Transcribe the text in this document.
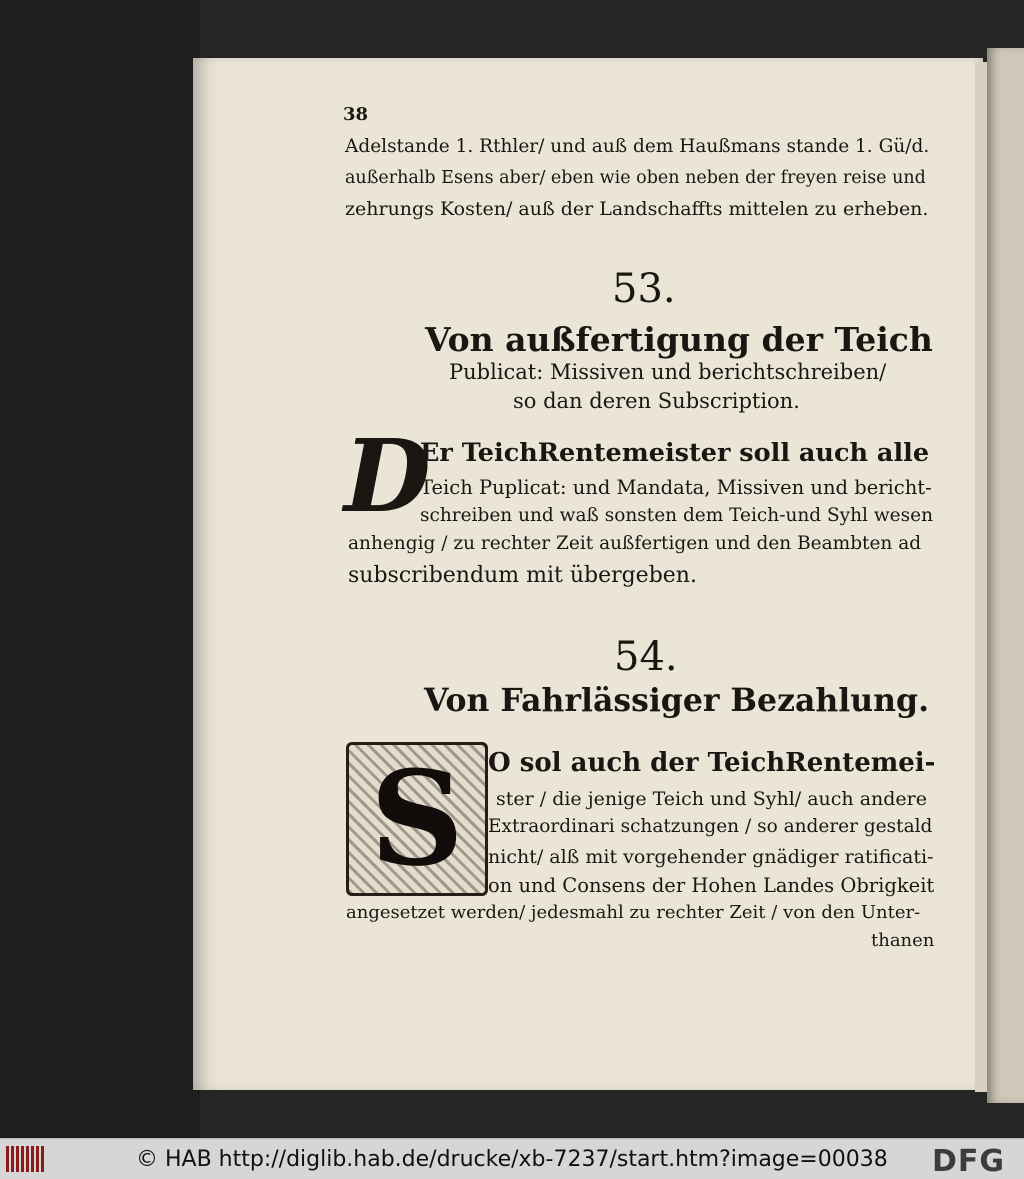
38
Adelstande 1. Rthler/ und auß dem Haußmans stande 1. Gü/d.
außerhalb Esens aber/ eben wie oben neben der freyen reise und
zehrungs Kosten/ auß der Landschaffts mittelen zu erheben.
53.
Von außfertigung der Teich
Publicat: Missiven und berichtschreiben/
so dan deren Subscription.
D
Er TeichRentemeister soll auch alle
Teich Puplicat: und Mandata, Missiven und bericht-
schreiben und waß sonsten dem Teich-und Syhl wesen
anhengig / zu rechter Zeit außfertigen und den Beambten ad
subscribendum mit übergeben.
54.
Von Fahrlässiger Bezahlung.
S O sol auch der TeichRentemei-
ster / die jenige Teich und Syhl/ auch andere
Extraordinari schatzungen / so anderer gestald
nicht/ alß mit vorgehender gnädiger ratificati-
on und Consens der Hohen Landes Obrigkeit
angesetzet werden/ jedesmahl zu rechter Zeit / von den Unter-
thanen
© HAB http://diglib.hab.de/drucke/xb-7237/start.htm?image=00038 DFG
